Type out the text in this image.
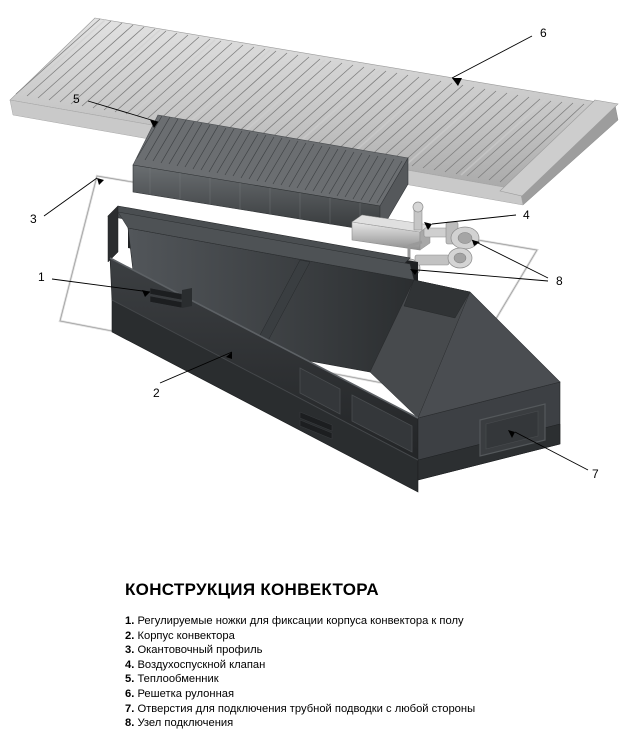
1
2
3	4
5
6
7
8
КОНСТРУКЦИЯ КОНВЕКТОРА
1. Регулируемые ножки для фиксации корпуса конвектора к полу
2. Корпус конвектора
3. Окантовочный профиль
4. Воздухоспускной клапан
5. Теплообменник
6. Решетка рулонная
7. Отверстия для подключения трубной подводки с любой стороны
8. Узел подключения
